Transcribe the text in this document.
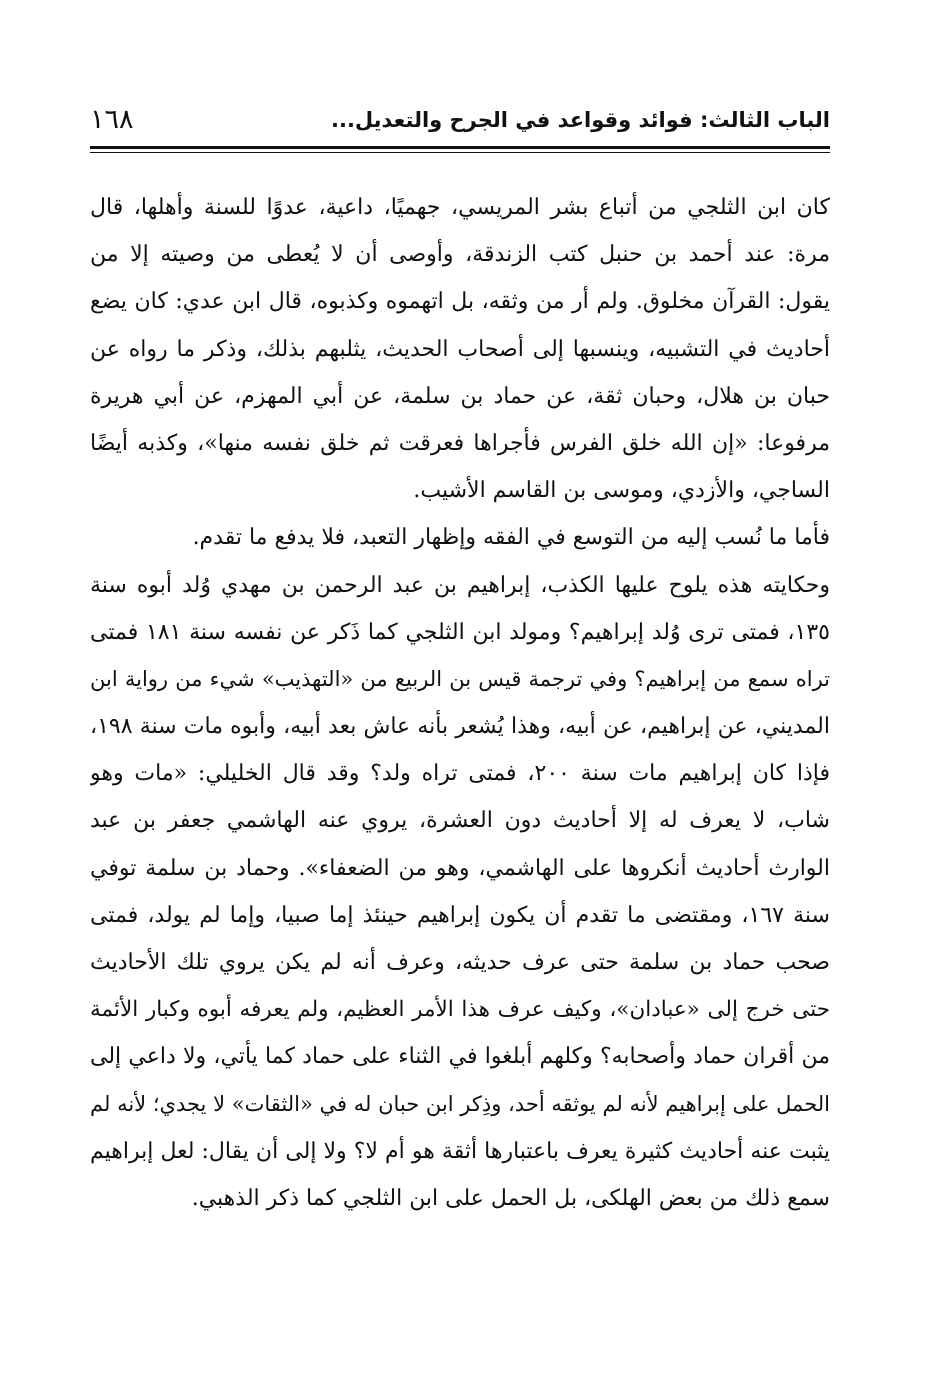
الباب الثالث: فوائد وقواعد في الجرح والتعديل...
١٦٨
كان ابن الثلجي من أتباع بشر المريسي، جهميًا، داعية، عدوًا للسنة وأهلها، قال
مرة: عند أحمد بن حنبل كتب الزندقة، وأوصى أن لا يُعطى من وصيته إلا من
يقول: القرآن مخلوق. ولم أر من وثقه، بل اتهموه وكذبوه، قال ابن عدي: كان يضع
أحاديث في التشبيه، وينسبها إلى أصحاب الحديث، يثلبهم بذلك، وذكر ما رواه عن
حبان بن هلال، وحبان ثقة، عن حماد بن سلمة، عن أبي المهزم، عن أبي هريرة
مرفوعا: «إن الله خلق الفرس فأجراها فعرقت ثم خلق نفسه منها»، وكذبه أيضًا
الساجي، والأزدي، وموسى بن القاسم الأشيب.
فأما ما نُسب إليه من التوسع في الفقه وإظهار التعبد، فلا يدفع ما تقدم.
وحكايته هذه يلوح عليها الكذب، إبراهيم بن عبد الرحمن بن مهدي وُلد أبوه سنة
١٣٥، فمتى ترى وُلد إبراهيم؟ ومولد ابن الثلجي كما ذَكر عن نفسه سنة ١٨١ فمتى
تراه سمع من إبراهيم؟ وفي ترجمة قيس بن الربيع من «التهذيب» شيء من رواية ابن
المديني، عن إبراهيم، عن أبيه، وهذا يُشعر بأنه عاش بعد أبيه، وأبوه مات سنة ١٩٨،
فإذا كان إبراهيم مات سنة ٢٠٠، فمتى تراه ولد؟ وقد قال الخليلي: «مات وهو
شاب، لا يعرف له إلا أحاديث دون العشرة، يروي عنه الهاشمي جعفر بن عبد
الوارث أحاديث أنكروها على الهاشمي، وهو من الضعفاء». وحماد بن سلمة توفي
سنة ١٦٧، ومقتضى ما تقدم أن يكون إبراهيم حينئذ إما صبيا، وإما لم يولد، فمتى
صحب حماد بن سلمة حتى عرف حديثه، وعرف أنه لم يكن يروي تلك الأحاديث
حتى خرج إلى «عبادان»، وكيف عرف هذا الأمر العظيم، ولم يعرفه أبوه وكبار الأئمة
من أقران حماد وأصحابه؟ وكلهم أبلغوا في الثناء على حماد كما يأتي، ولا داعي إلى
الحمل على إبراهيم لأنه لم يوثقه أحد، وذِكر ابن حبان له في «الثقات» لا يجدي؛ لأنه لم
يثبت عنه أحاديث كثيرة يعرف باعتبارها أثقة هو أم لا؟ ولا إلى أن يقال: لعل إبراهيم
سمع ذلك من بعض الهلكى، بل الحمل على ابن الثلجي كما ذكر الذهبي.
